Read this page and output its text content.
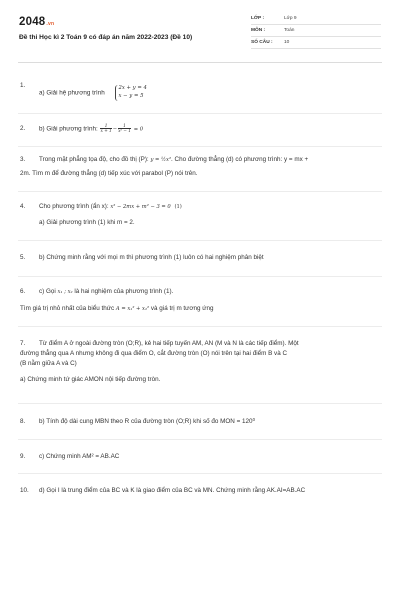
2048.vn
Đề thi Học kì 2 Toán 9 có đáp án năm 2022-2023 (Đề 10)
LỚP :	Lớp 9
MÔN :	Toán
SỐ CÂU : 10
1.
a) Giải hệ phương trình
2x + y = 4
x − y = 5
2.	b) Giải phương trình: $\frac{1}{x + 1} - \frac{1}{\text{x² − 1}} = 0$
3.	Trong mặt phẳng tọa độ, cho đồ thị (P): y = ½x². Cho đường thẳng (d) có phương trình: y = mx +
2m. Tìm m để đường thẳng (d) tiếp xúc với parabol (P) nói trên.
4.	Cho phương trình (ẩn x): x² − 2mx + m² − 3 = 0 (1)
a) Giải phương trình (1) khi m = 2.
5.	b) Chứng minh rằng với mọi m thì phương trình (1) luôn có hai nghiệm phân biệt
6.	c) Gọi x₁ ; x₂ là hai nghiệm của phương trình (1).
Tìm giá trị nhỏ nhất của biểu thức A = x₁² + x₂² và giá trị m tương ứng
7.	Từ điểm A ở ngoài đường tròn (O;R), kẻ hai tiếp tuyến AM, AN (M và N là các tiếp điểm). Một
đường thẳng qua A nhưng không đi qua điểm O, cắt đường tròn (O) nói trên tại hai điểm B và C
(B nằm giữa A và C)
a) Chứng minh tứ giác AMON nội tiếp đường tròn.
8.	b) Tính độ dài cung MBN theo R của đường tròn (O;R) khi số đo MON = 120⁰
9.	c) Chứng minh AM² = AB.AC
10.	d) Gọi I là trung điểm của BC và K là giao điểm của BC và MN. Chứng minh rằng AK.AI=AB.AC
